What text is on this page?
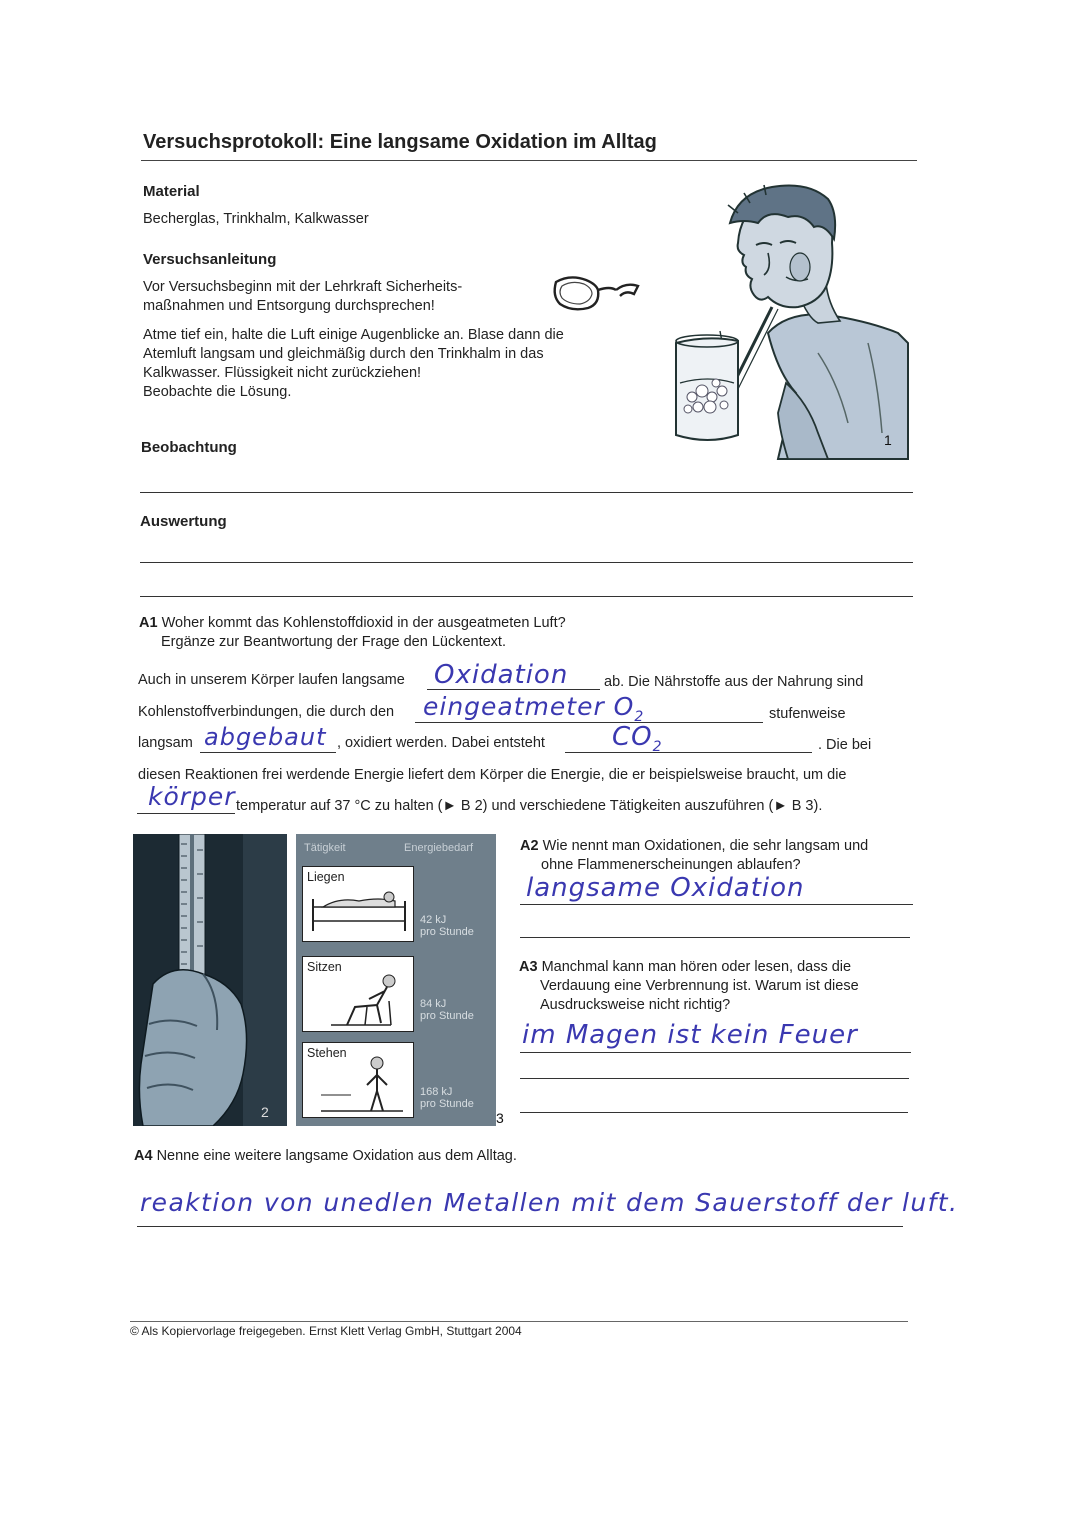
Versuchsprotokoll: Eine langsame Oxidation im Alltag
Material
Becherglas, Trinkhalm, Kalkwasser
Versuchsanleitung
Vor Versuchsbeginn mit der Lehrkraft Sicherheits-
maßnahmen und Entsorgung durchsprechen!
Atme tief ein, halte die Luft einige Augenblicke an. Blase dann die
Atemluft langsam und gleichmäßig durch den Trinkhalm in das
Kalkwasser. Flüssigkeit nicht zurückziehen!
Beobachte die Lösung.
1
Beobachtung
Auswertung
A1 Woher kommt das Kohlenstoffdioxid in der ausgeatmeten Luft?
Ergänze zur Beantwortung der Frage den Lückentext.
Auch in unserem Körper laufen langsame Oxidation ab. Die Nährstoffe aus der Nahrung sind
Kohlenstoffverbindungen, die durch den eingeatmeter $O_2$	stufenweise
langsam abgebaut , oxidiert werden. Dabei entsteht	$CO_2$	. Die bei
diesen Reaktionen frei werdende Energie liefert dem Körper die Energie, die er beispielsweise braucht, um die
körper temperatur auf 37 °C zu halten (► B 2) und verschiedene Tätigkeiten auszuführen (► B 3).
2
Tätigkeit	Energiebedarf
Liegen
42 kJ
pro Stunde
Sitzen
84 kJ
pro Stunde
Stehen
168 kJ
pro Stunde
3
A2 Wie nennt man Oxidationen, die sehr langsam und
ohne Flammenerscheinungen ablaufen?
langsame Oxidation
A3 Manchmal kann man hören oder lesen, dass die
Verdauung eine Verbrennung ist. Warum ist diese
Ausdrucksweise nicht richtig?
im Magen ist kein Feuer
A4 Nenne eine weitere langsame Oxidation aus dem Alltag.
reaktion von unedlen Metallen mit dem Sauerstoff der luft.
© Als Kopiervorlage freigegeben. Ernst Klett Verlag GmbH, Stuttgart 2004
